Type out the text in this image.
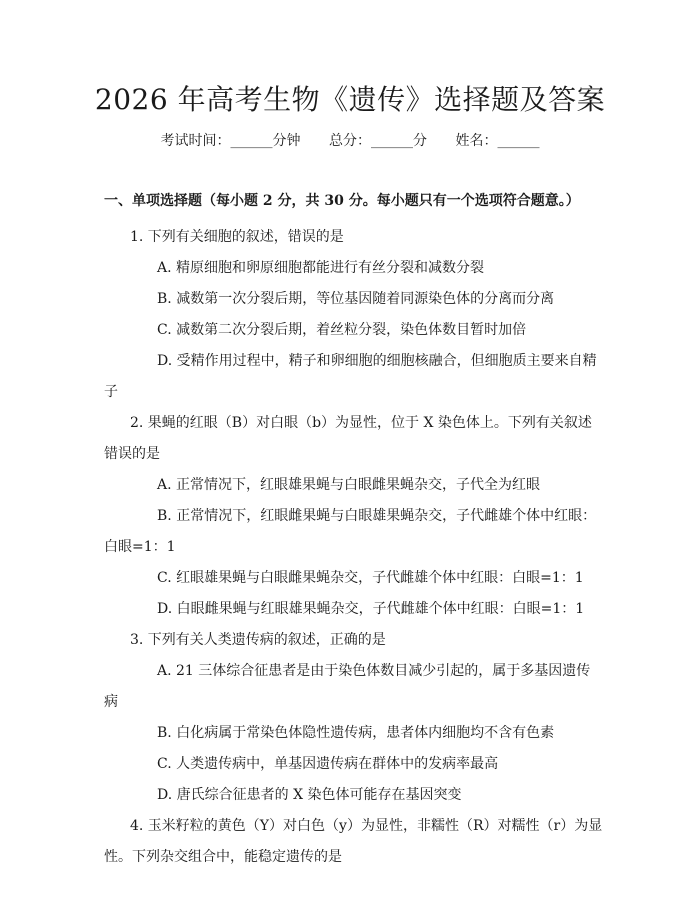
2026 年高考生物《遗传》选择题及答案
考试时间：______分钟 总分：______分 姓名：______
一、单项选择题（每小题 2 分，共 30 分。每小题只有一个选项符合题意。）

1. 下列有关细胞的叙述，错误的是

A. 精原细胞和卵原细胞都能进行有丝分裂和减数分裂

B. 减数第一次分裂后期，等位基因随着同源染色体的分离而分离

C. 减数第二次分裂后期，着丝粒分裂，染色体数目暂时加倍

D. 受精作用过程中，精子和卵细胞的细胞核融合，但细胞质主要来自精子

2. 果蝇的红眼（B）对白眼（b）为显性，位于 X 染色体上。下列有关叙述错误的是

A. 正常情况下，红眼雄果蝇与白眼雌果蝇杂交，子代全为红眼

B. 正常情况下，红眼雌果蝇与白眼雄果蝇杂交，子代雌雄个体中红眼：白眼=1：1

C. 红眼雄果蝇与白眼雌果蝇杂交，子代雌雄个体中红眼：白眼=1：1

D. 白眼雌果蝇与红眼雄果蝇杂交，子代雌雄个体中红眼：白眼=1：1

3. 下列有关人类遗传病的叙述，正确的是

A. 21 三体综合征患者是由于染色体数目减少引起的，属于多基因遗传病

B. 白化病属于常染色体隐性遗传病，患者体内细胞均不含有色素

C. 人类遗传病中，单基因遗传病在群体中的发病率最高

D. 唐氏综合征患者的 X 染色体可能存在基因突变

4. 玉米籽粒的黄色（Y）对白色（y）为显性，非糯性（R）对糯性（r）为显性。下列杂交组合中，能稳定遗传的是
